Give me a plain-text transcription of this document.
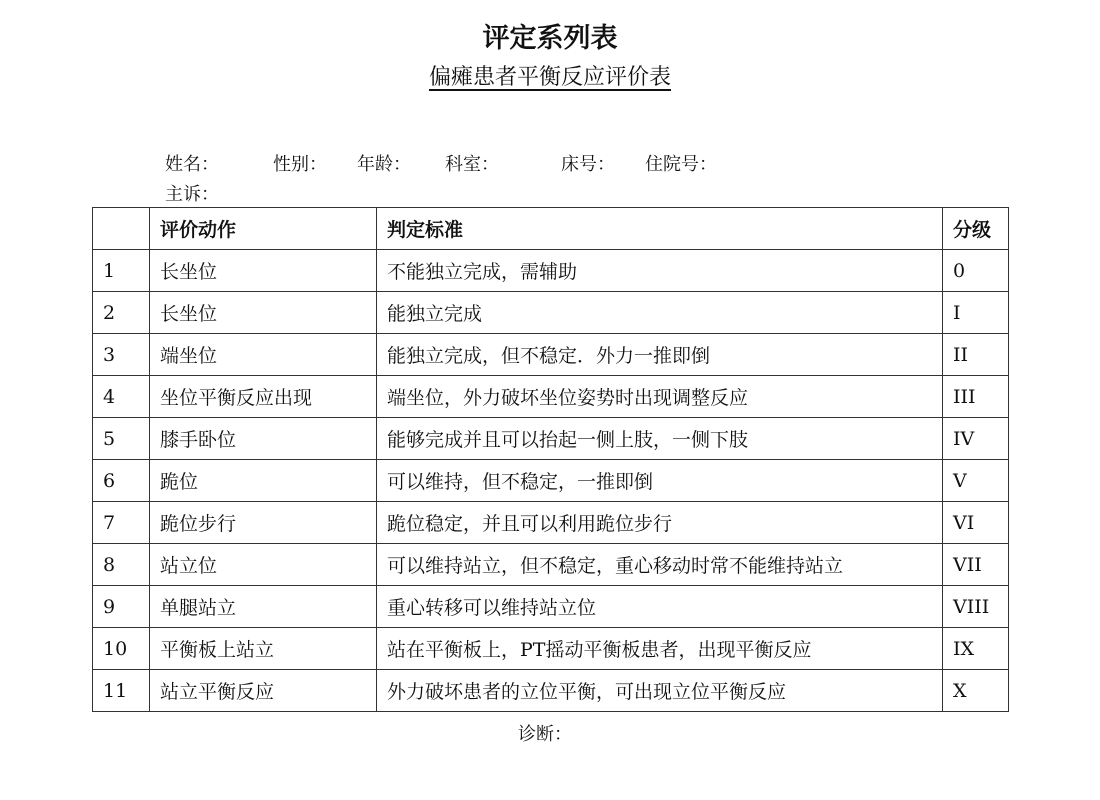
评定系列表
偏瘫患者平衡反应评价表
姓名：	性别： 年龄： 科室：	床号： 住院号：
主诉：
	评价动作	判定标准	分级
1	长坐位	不能独立完成，需辅助	0
2	长坐位	能独立完成	I
3	端坐位	能独立完成，但不稳定．外力一推即倒	II
4	坐位平衡反应出现	端坐位，外力破坏坐位姿势时出现调整反应	III
5	膝手卧位	能够完成并且可以抬起一侧上肢，一侧下肢	IV
6	跪位	可以维持，但不稳定，一推即倒	V
7	跪位步行	跪位稳定，并且可以利用跪位步行	VI
8	站立位	可以维持站立，但不稳定，重心移动时常不能维持站立	VII
9	单腿站立	重心转移可以维持站立位	VIII
10	平衡板上站立	站在平衡板上，PT摇动平衡板患者，出现平衡反应	IX
11	站立平衡反应	外力破坏患者的立位平衡，可出现立位平衡反应	X
诊断：
